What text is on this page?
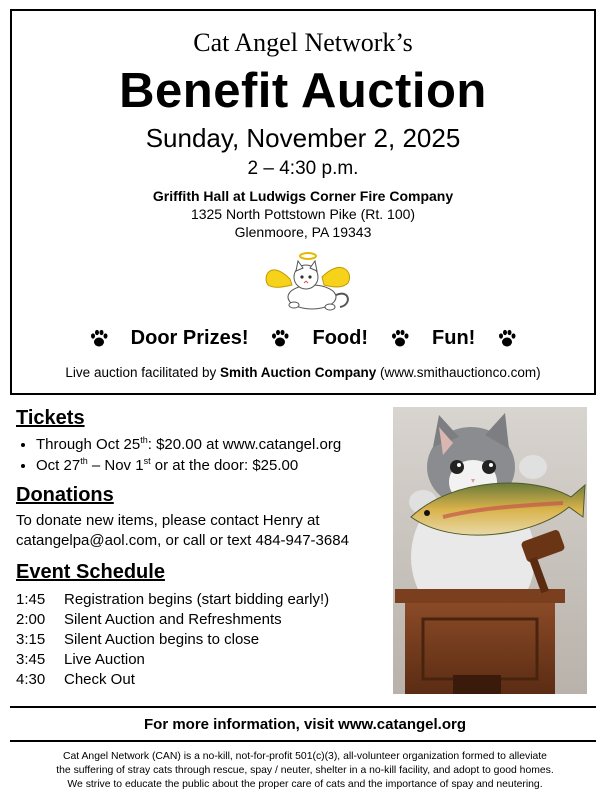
Cat Angel Network’s
Benefit Auction
Sunday, November 2, 2025
2 – 4:30 p.m.
Griffith Hall at Ludwigs Corner Fire Company
1325 North Pottstown Pike (Rt. 100)
Glenmoore, PA 19343
Door Prizes!	Food!	Fun!
Live auction facilitated by Smith Auction Company (www.smithauctionco.com)
Tickets
• Through Oct 25th: $20.00 at www.catangel.org
• Oct 27th – Nov 1st or at the door: $25.00
Donations

To donate new items, please contact Henry at catangelpa@aol.com, or call or text 484-947-3684

Event Schedule
1:45	Registration begins (start bidding early!)
2:00	Silent Auction and Refreshments
3:15	Silent Auction begins to close
3:45	Live Auction
4:30	Check Out
For more information, visit www.catangel.org
Cat Angel Network (CAN) is a no-kill, not-for-profit 501(c)(3), all-volunteer organization formed to alleviate
the suffering of stray cats through rescue, spay / neuter, shelter in a no-kill facility, and adopt to good homes.
We strive to educate the public about the proper care of cats and the importance of spay and neutering.
